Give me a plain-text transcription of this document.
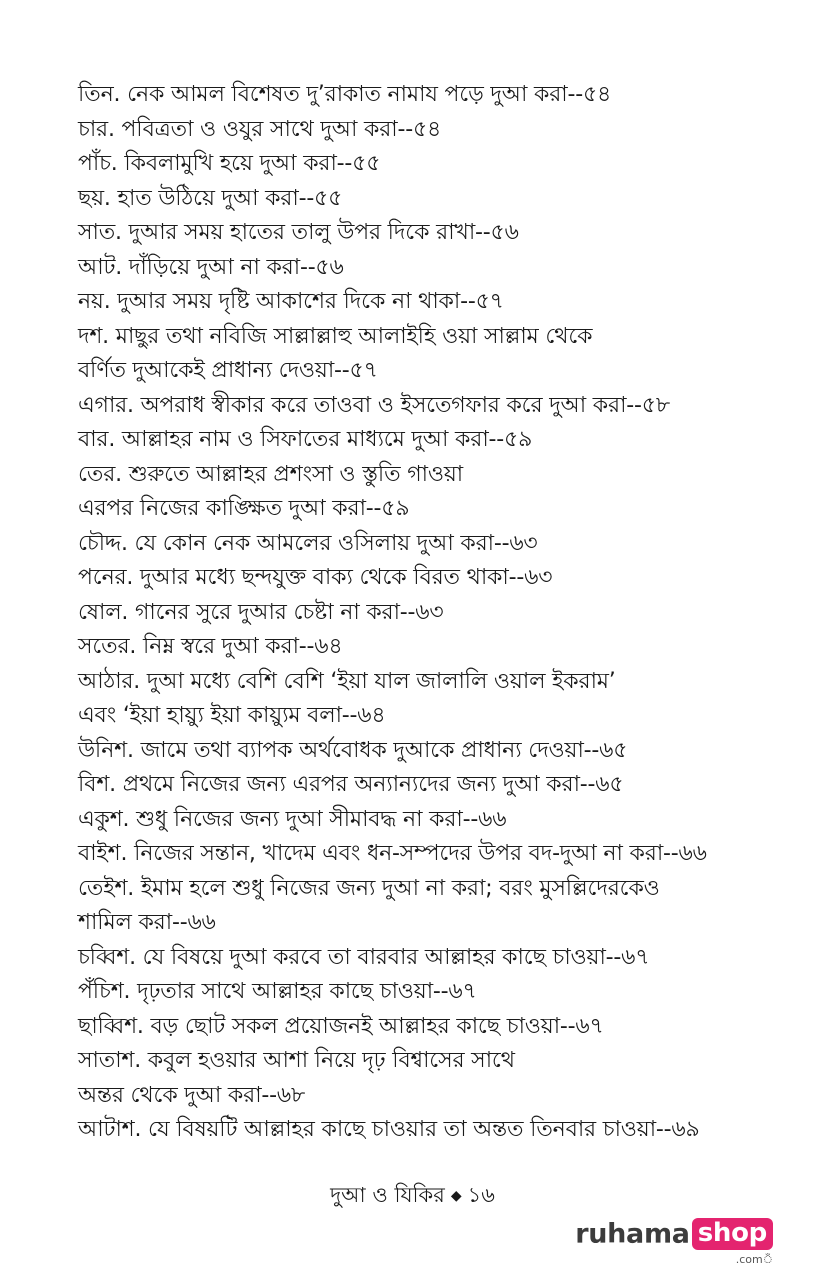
তিন. নেক আমল বিশেষত দু’রাকাত নামায পড়ে দুআ করা--৫৪
চার. পবিত্রতা ও ওযুর সাথে দুআ করা--৫৪
পাঁচ. কিবলামুখি হয়ে দুআ করা--৫৫
ছয়. হাত উঠিয়ে দুআ করা--৫৫
সাত. দুআর সময় হাতের তালু উপর দিকে রাখা--৫৬
আট. দাঁড়িয়ে দুআ না করা--৫৬
নয়. দুআর সময় দৃষ্টি আকাশের দিকে না থাকা--৫৭
দশ. মাছুর তথা নবিজি সাল্লাল্লাহু আলাইহি ওয়া সাল্লাম থেকে
বর্ণিত দুআকেই প্রাধান্য দেওয়া--৫৭
এগার. অপরাধ স্বীকার করে তাওবা ও ইসতেগফার করে দুআ করা--৫৮
বার. আল্লাহর নাম ও সিফাতের মাধ্যমে দুআ করা--৫৯
তের. শুরুতে আল্লাহর প্রশংসা ও স্তুতি গাওয়া
এরপর নিজের কাঙ্ক্ষিত দুআ করা--৫৯
চৌদ্দ. যে কোন নেক আমলের ওসিলায় দুআ করা--৬৩
পনের. দুআর মধ্যে ছন্দযুক্ত বাক্য থেকে বিরত থাকা--৬৩
ষোল. গানের সুরে দুআর চেষ্টা না করা--৬৩
সতের. নিম্ন স্বরে দুআ করা--৬৪
আঠার. দুআ মধ্যে বেশি বেশি ‘ইয়া যাল জালালি ওয়াল ইকরাম’
এবং ‘ইয়া হায়্যু ইয়া কায়্যুম বলা--৬৪
উনিশ. জামে তথা ব্যাপক অর্থবোধক দুআকে প্রাধান্য দেওয়া--৬৫
বিশ. প্রথমে নিজের জন্য এরপর অন্যান্যদের জন্য দুআ করা--৬৫
একুশ. শুধু নিজের জন্য দুআ সীমাবদ্ধ না করা--৬৬
বাইশ. নিজের সন্তান, খাদেম এবং ধন-সম্পদের উপর বদ-দুআ না করা--৬৬
তেইশ. ইমাম হলে শুধু নিজের জন্য দুআ না করা; বরং মুসল্লিদেরকেও
শামিল করা--৬৬
চব্বিশ. যে বিষয়ে দুআ করবে তা বারবার আল্লাহর কাছে চাওয়া--৬৭
পঁচিশ. দৃঢ়তার সাথে আল্লাহর কাছে চাওয়া--৬৭
ছাব্বিশ. বড় ছোট সকল প্রয়োজনই আল্লাহর কাছে চাওয়া--৬৭
সাতাশ. কবুল হওয়ার আশা নিয়ে দৃঢ় বিশ্বাসের সাথে
অন্তর থেকে দুআ করা--৬৮
আটাশ. যে বিষয়টি আল্লাহর কাছে চাওয়ার তা অন্তত তিনবার চাওয়া--৬৯
দুআ ও যিকির ◆ ১৬
ruhama shop
.comঁ
